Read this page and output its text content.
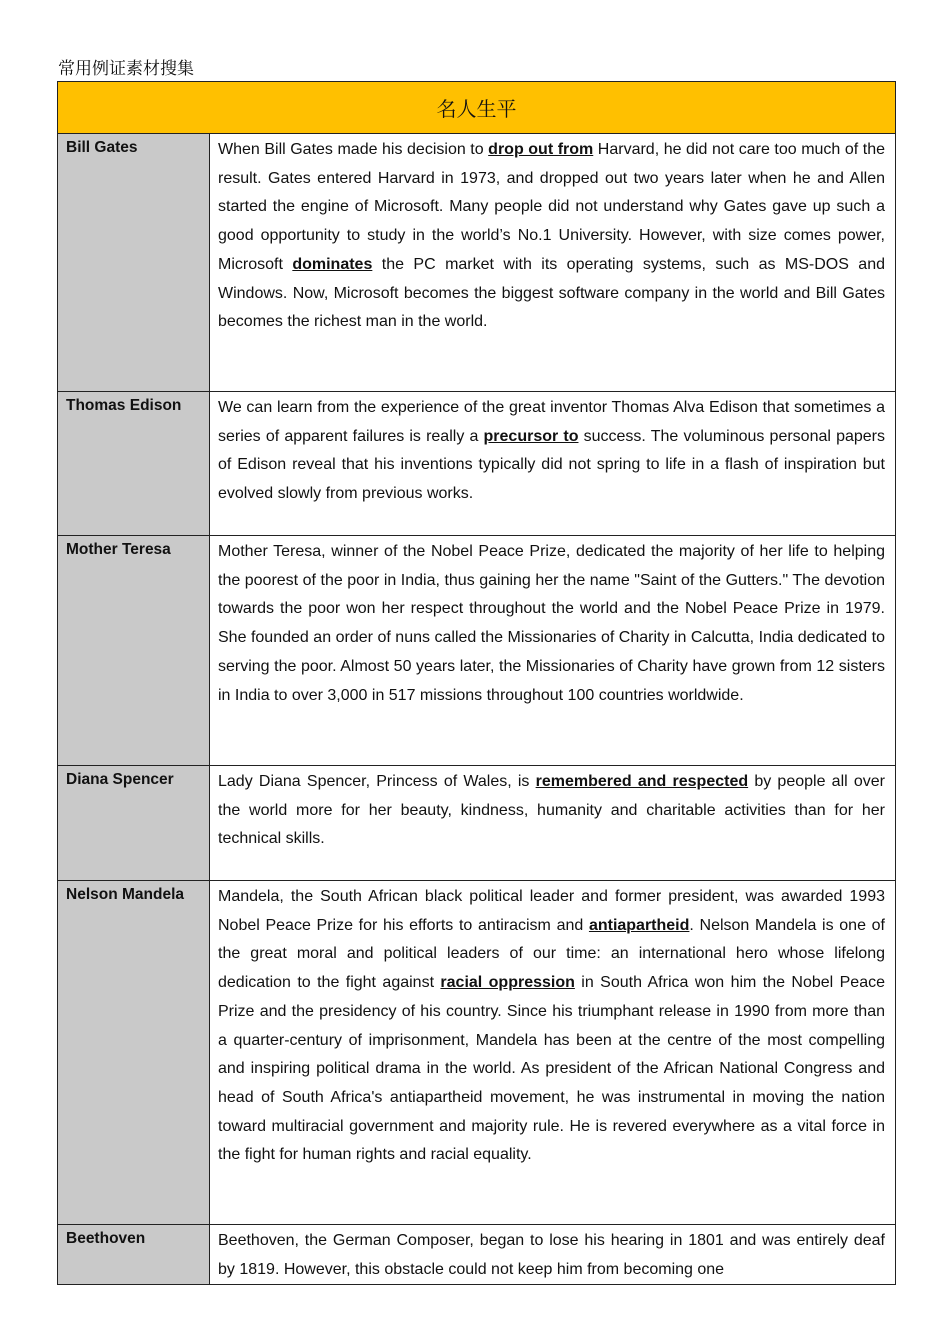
常用例证素材搜集
名人生平	
Bill Gates	When Bill Gates made his decision to drop out from Harvard, he did not care too much of the result. Gates entered Harvard in 1973, and dropped out two years later when he and Allen started the engine of Microsoft. Many people did not understand why Gates gave up such a good opportunity to study in the world’s No.1 University. However, with size comes power, Microsoft dominates the PC market with its operating systems, such as MS-DOS and Windows. Now, Microsoft becomes the biggest software company in the world and Bill Gates becomes the richest man in the world.

Thomas Edison	We can learn from the experience of the great inventor Thomas Alva Edison that sometimes a series of apparent failures is really a precursor to success. The voluminous personal papers of Edison reveal that his inventions typically did not spring to life in a flash of inspiration but evolved slowly from previous works.

Mother Teresa	Mother Teresa, winner of the Nobel Peace Prize, dedicated the majority of her life to helping the poorest of the poor in India, thus gaining her the name "Saint of the Gutters." The devotion towards the poor won her respect throughout the world and the Nobel Peace Prize in 1979. She founded an order of nuns called the Missionaries of Charity in Calcutta, India dedicated to serving the poor. Almost 50 years later, the Missionaries of Charity have grown from 12 sisters in India to over 3,000 in 517 missions throughout 100 countries worldwide.

Diana Spencer	Lady Diana Spencer, Princess of Wales, is remembered and respected by people all over the world more for her beauty, kindness, humanity and charitable activities than for her technical skills.

Nelson Mandela	Mandela, the South African black political leader and former president, was awarded 1993 Nobel Peace Prize for his efforts to antiracism and antiapartheid. Nelson Mandela is one of the great moral and political leaders of our time: an international hero whose lifelong dedication to the fight against racial oppression in South Africa won him the Nobel Peace Prize and the presidency of his country. Since his triumphant release in 1990 from more than a quarter-century of imprisonment, Mandela has been at the centre of the most compelling and inspiring political drama in the world. As president of the African National Congress and head of South Africa's antiapartheid movement, he was instrumental in moving the nation toward multiracial government and majority rule. He is revered everywhere as a vital force in the fight for human rights and racial equality.

Beethoven	Beethoven, the German Composer, began to lose his hearing in 1801 and was entirely deaf by 1819. However, this obstacle could not keep him from becoming one
